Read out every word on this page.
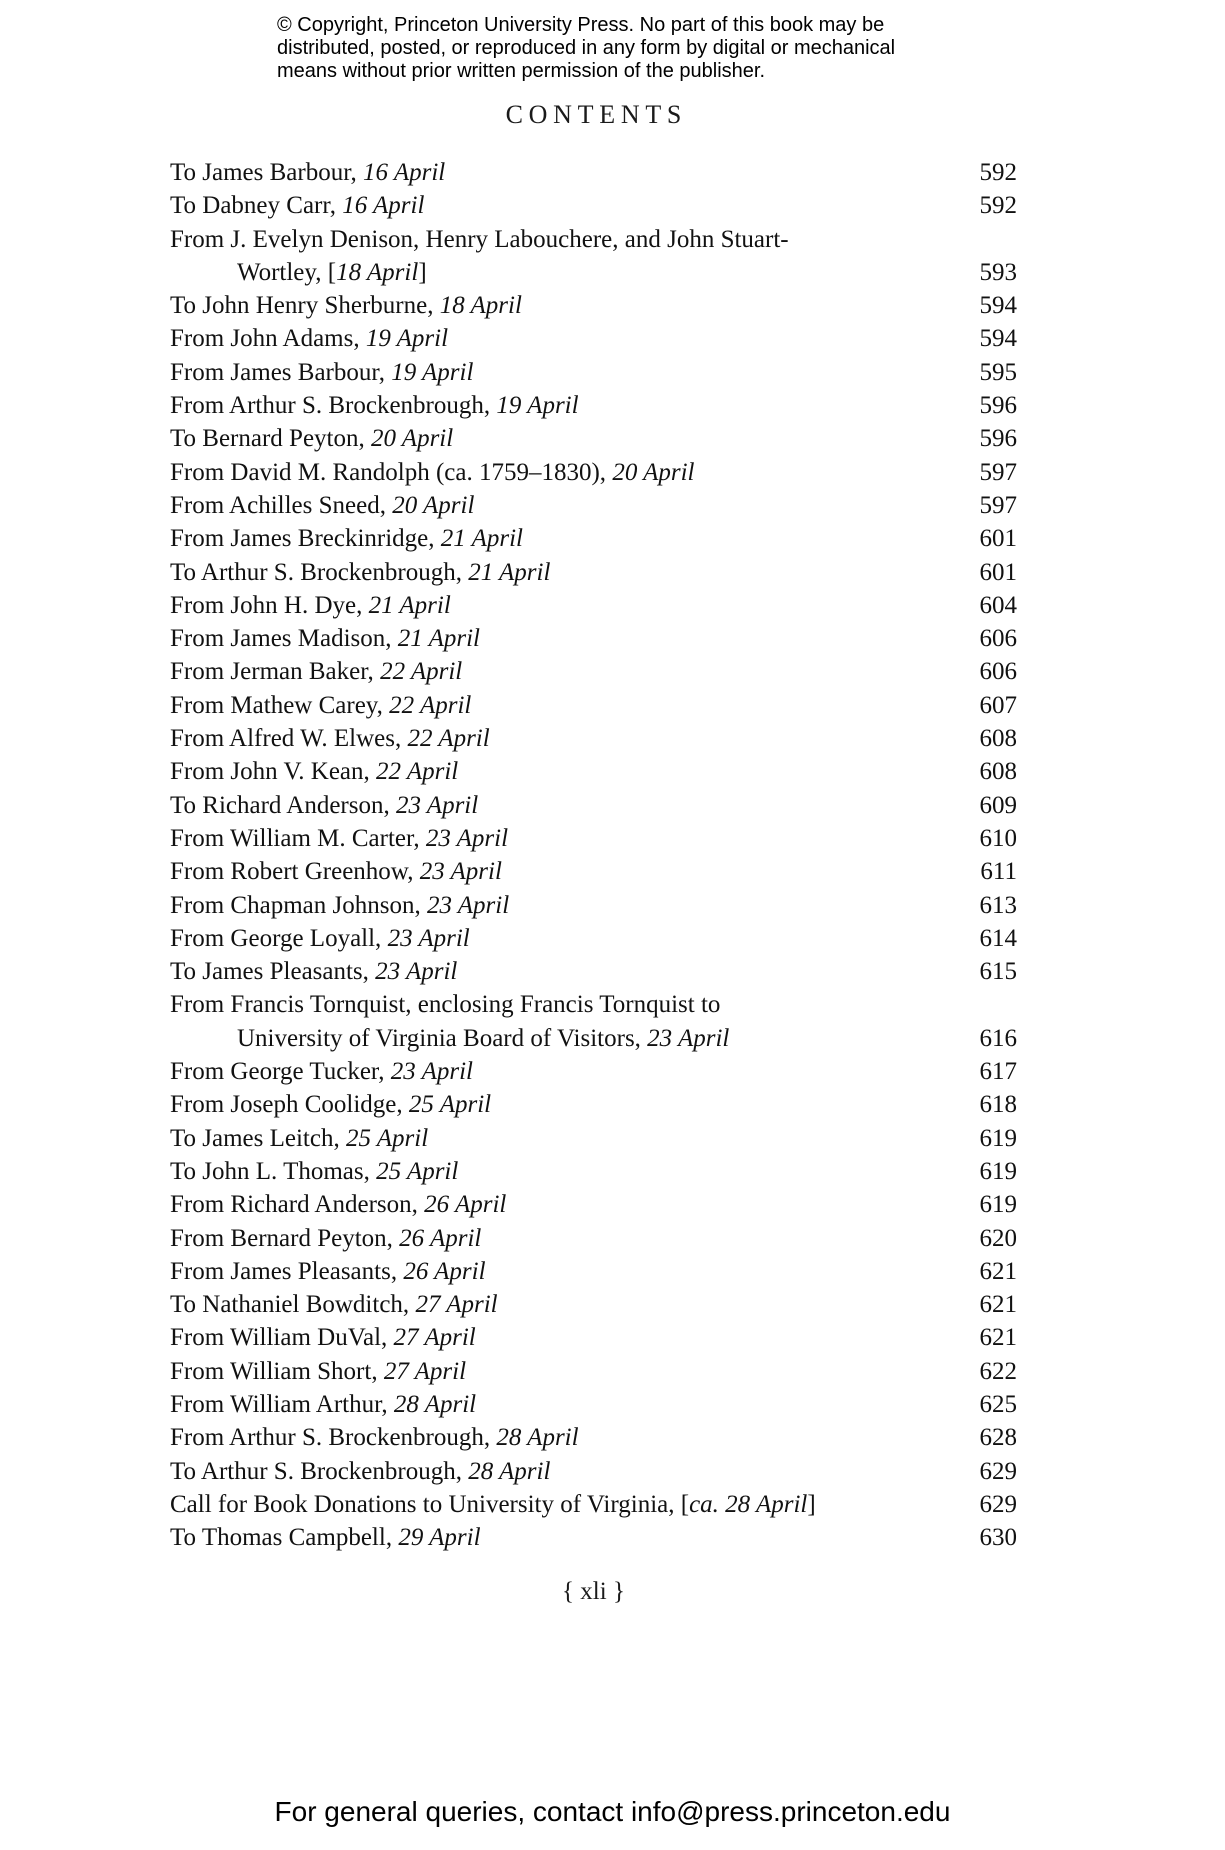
© Copyright, Princeton University Press. No part of this book may be
distributed, posted, or reproduced in any form by digital or mechanical
means without prior written permission of the publisher.
CONTENTS
To James Barbour, 16 April	592
To Dabney Carr, 16 April	592
From J. Evelyn Denison, Henry Labouchere, and John Stuart-
Wortley, [18 April]	593
To John Henry Sherburne, 18 April	594
From John Adams, 19 April	594
From James Barbour, 19 April	595
From Arthur S. Brockenbrough, 19 April	596
To Bernard Peyton, 20 April	596
From David M. Randolph (ca. 1759–1830), 20 April	597
From Achilles Sneed, 20 April	597
From James Breckinridge, 21 April	601
To Arthur S. Brockenbrough, 21 April	601
From John H. Dye, 21 April	604
From James Madison, 21 April	606
From Jerman Baker, 22 April	606
From Mathew Carey, 22 April	607
From Alfred W. Elwes, 22 April	608
From John V. Kean, 22 April	608
To Richard Anderson, 23 April	609
From William M. Carter, 23 April	610
From Robert Greenhow, 23 April	611
From Chapman Johnson, 23 April	613
From George Loyall, 23 April	614
To James Pleasants, 23 April	615
From Francis Tornquist, enclosing Francis Tornquist to
University of Virginia Board of Visitors, 23 April	616
From George Tucker, 23 April	617
From Joseph Coolidge, 25 April	618
To James Leitch, 25 April	619
To John L. Thomas, 25 April	619
From Richard Anderson, 26 April	619
From Bernard Peyton, 26 April	620
From James Pleasants, 26 April	621
To Nathaniel Bowditch, 27 April	621
From William DuVal, 27 April	621
From William Short, 27 April	622
From William Arthur, 28 April	625
From Arthur S. Brockenbrough, 28 April	628
To Arthur S. Brockenbrough, 28 April	629
Call for Book Donations to University of Virginia, [ca. 28 April]	629
To Thomas Campbell, 29 April	630
{ xli }
For general queries, contact info@press.princeton.edu
